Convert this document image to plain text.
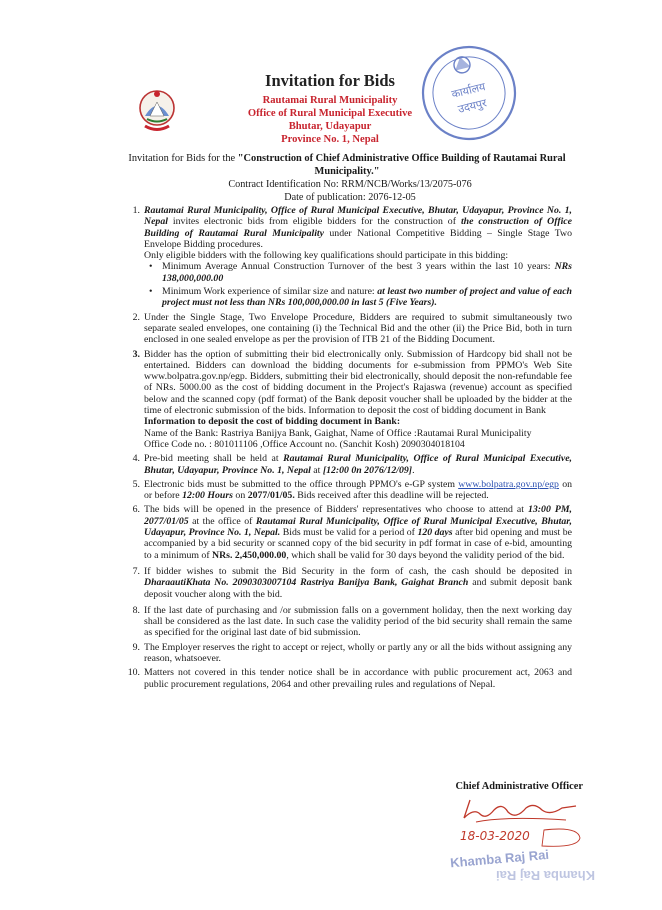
कार्यालय
उदयपुर

Invitation for Bids

Rautamai Rural Municipality

Office of Rural Municipal Executive

Bhutar, Udayapur

Province No. 1, Nepal

Invitation for Bids for the "Construction of Chief Administrative Office Building of Rautamai Rural Municipality."

Contract Identification No: RRM/NCB/Works/13/2075-076

Date of publication: 2076-12-05

1. Rautamai Rural Municipality, Office of Rural Municipal Executive, Bhutar, Udayapur, Province No. 1, Nepal invites electronic bids from eligible bidders for the construction of the construction of Office Building of Rautamai Rural Municipality under National Competitive Bidding – Single Stage Two Envelope Bidding procedures.

Only eligible bidders with the following key qualifications should participate in this bidding:

• Minimum Average Annual Construction Turnover of the best 3 years within the last 10 years: NRs 138,000,000.00
• Minimum Work experience of similar size and nature: at least two number of project and value of each project must not less than NRs 100,000,000.00 in last 5 (Five Years).
2. Under the Single Stage, Two Envelope Procedure, Bidders are required to submit simultaneously two separate sealed envelopes, one containing (i) the Technical Bid and the other (ii) the Price Bid, both in turn enclosed in one sealed envelope as per the provision of ITB 21 of the Bidding Document.

3. Bidder has the option of submitting their bid electronically only. Submission of Hardcopy bid shall not be entertained. Bidders can download the bidding documents for e-submission from PPMO's Web Site www.bolpatra.gov.np/egp. Bidders, submitting their bid electronically, should deposit the non-refundable fee of NRs. 5000.00 as the cost of bidding document in the Project's Rajaswa (revenue) account as specified below and the scanned copy (pdf format) of the Bank deposit voucher shall be uploaded by the bidder at the time of electronic submission of the bids. Information to deposit the cost of bidding document in Bank

Information to deposit the cost of bidding document in Bank:

Name of the Bank: Rastriya Banijya Bank, Gaighat, Name of Office :Rautamai Rural Municipality

Office Code no. : 801011106 ,Office Account no. (Sanchit Kosh) 2090304018104

4. Pre-bid meeting shall be held at Rautamai Rural Municipality, Office of Rural Municipal Executive, Bhutar, Udayapur, Province No. 1, Nepal at [12:00 0n 2076/12/09].

5. Electronic bids must be submitted to the office through PPMO's e-GP system www.bolpatra.gov.np/egp on or before 12:00 Hours on 2077/01/05. Bids received after this deadline will be rejected.

6. The bids will be opened in the presence of Bidders' representatives who choose to attend at 13:00 PM, 2077/01/05 at the office of Rautamai Rural Municipality, Office of Rural Municipal Executive, Bhutar, Udayapur, Province No. 1, Nepal. Bids must be valid for a period of 120 days after bid opening and must be accompanied by a bid security or scanned copy of the bid security in pdf format in case of e-bid, amounting to a minimum of NRs. 2,450,000.00, which shall be valid for 30 days beyond the validity period of the bid.

7. If bidder wishes to submit the Bid Security in the form of cash, the cash should be deposited in DharaautiKhata No. 2090303007104 Rastriya Banijya Bank, Gaighat Branch and submit deposit bank deposit voucher along with the bid.

8. If the last date of purchasing and /or submission falls on a government holiday, then the next working day shall be considered as the last date. In such case the validity period of the bid security shall remain the same as specified for the original last date of bid submission.

9. The Employer reserves the right to accept or reject, wholly or partly any or all the bids without assigning any reason, whatsoever.

10. Matters not covered in this tender notice shall be in accordance with public procurement act, 2063 and public procurement regulations, 2064 and other prevailing rules and regulations of Nepal.

Chief Administrative Officer

18-03-2020

Khamba Raj Rai

Khamba Raj Rai
